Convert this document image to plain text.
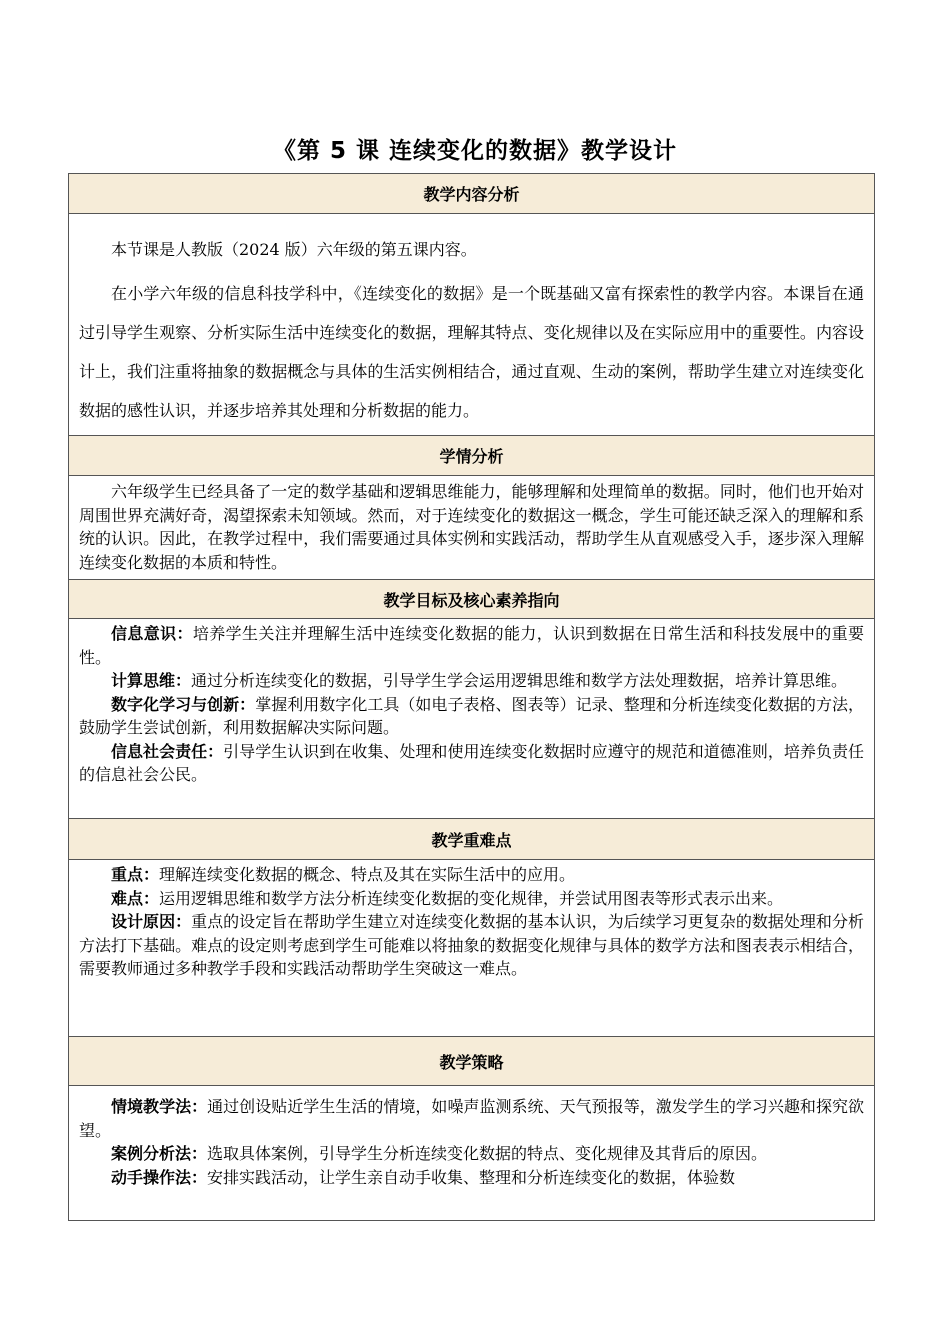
《第 5 课 连续变化的数据》教学设计
教学内容分析

本节课是人教版（2024 版）六年级的第五课内容。

在小学六年级的信息科技学科中，《连续变化的数据》是一个既基础又富有探索性的教学内容。本课旨在通过引导学生观察、分析实际生活中连续变化的数据，理解其特点、变化规律以及在实际应用中的重要性。内容设计上，我们注重将抽象的数据概念与具体的生活实例相结合，通过直观、生动的案例，帮助学生建立对连续变化数据的感性认识，并逐步培养其处理和分析数据的能力。

学情分析

六年级学生已经具备了一定的数学基础和逻辑思维能力，能够理解和处理简单的数据。同时，他们也开始对周围世界充满好奇，渴望探索未知领域。然而，对于连续变化的数据这一概念，学生可能还缺乏深入的理解和系统的认识。因此，在教学过程中，我们需要通过具体实例和实践活动，帮助学生从直观感受入手，逐步深入理解连续变化数据的本质和特性。

教学目标及核心素养指向

信息意识：培养学生关注并理解生活中连续变化数据的能力，认识到数据在日常生活和科技发展中的重要性。

计算思维：通过分析连续变化的数据，引导学生学会运用逻辑思维和数学方法处理数据，培养计算思维。

数字化学习与创新：掌握利用数字化工具（如电子表格、图表等）记录、整理和分析连续变化数据的方法，鼓励学生尝试创新，利用数据解决实际问题。

信息社会责任：引导学生认识到在收集、处理和使用连续变化数据时应遵守的规范和道德准则，培养负责任的信息社会公民。

教学重难点

重点：理解连续变化数据的概念、特点及其在实际生活中的应用。

难点：运用逻辑思维和数学方法分析连续变化数据的变化规律，并尝试用图表等形式表示出来。

设计原因：重点的设定旨在帮助学生建立对连续变化数据的基本认识，为后续学习更复杂的数据处理和分析方法打下基础。难点的设定则考虑到学生可能难以将抽象的数据变化规律与具体的数学方法和图表表示相结合，需要教师通过多种教学手段和实践活动帮助学生突破这一难点。

教学策略

情境教学法：通过创设贴近学生生活的情境，如噪声监测系统、天气预报等，激发学生的学习兴趣和探究欲望。

案例分析法：选取具体案例，引导学生分析连续变化数据的特点、变化规律及其背后的原因。

动手操作法：安排实践活动，让学生亲自动手收集、整理和分析连续变化的数据，体验数
